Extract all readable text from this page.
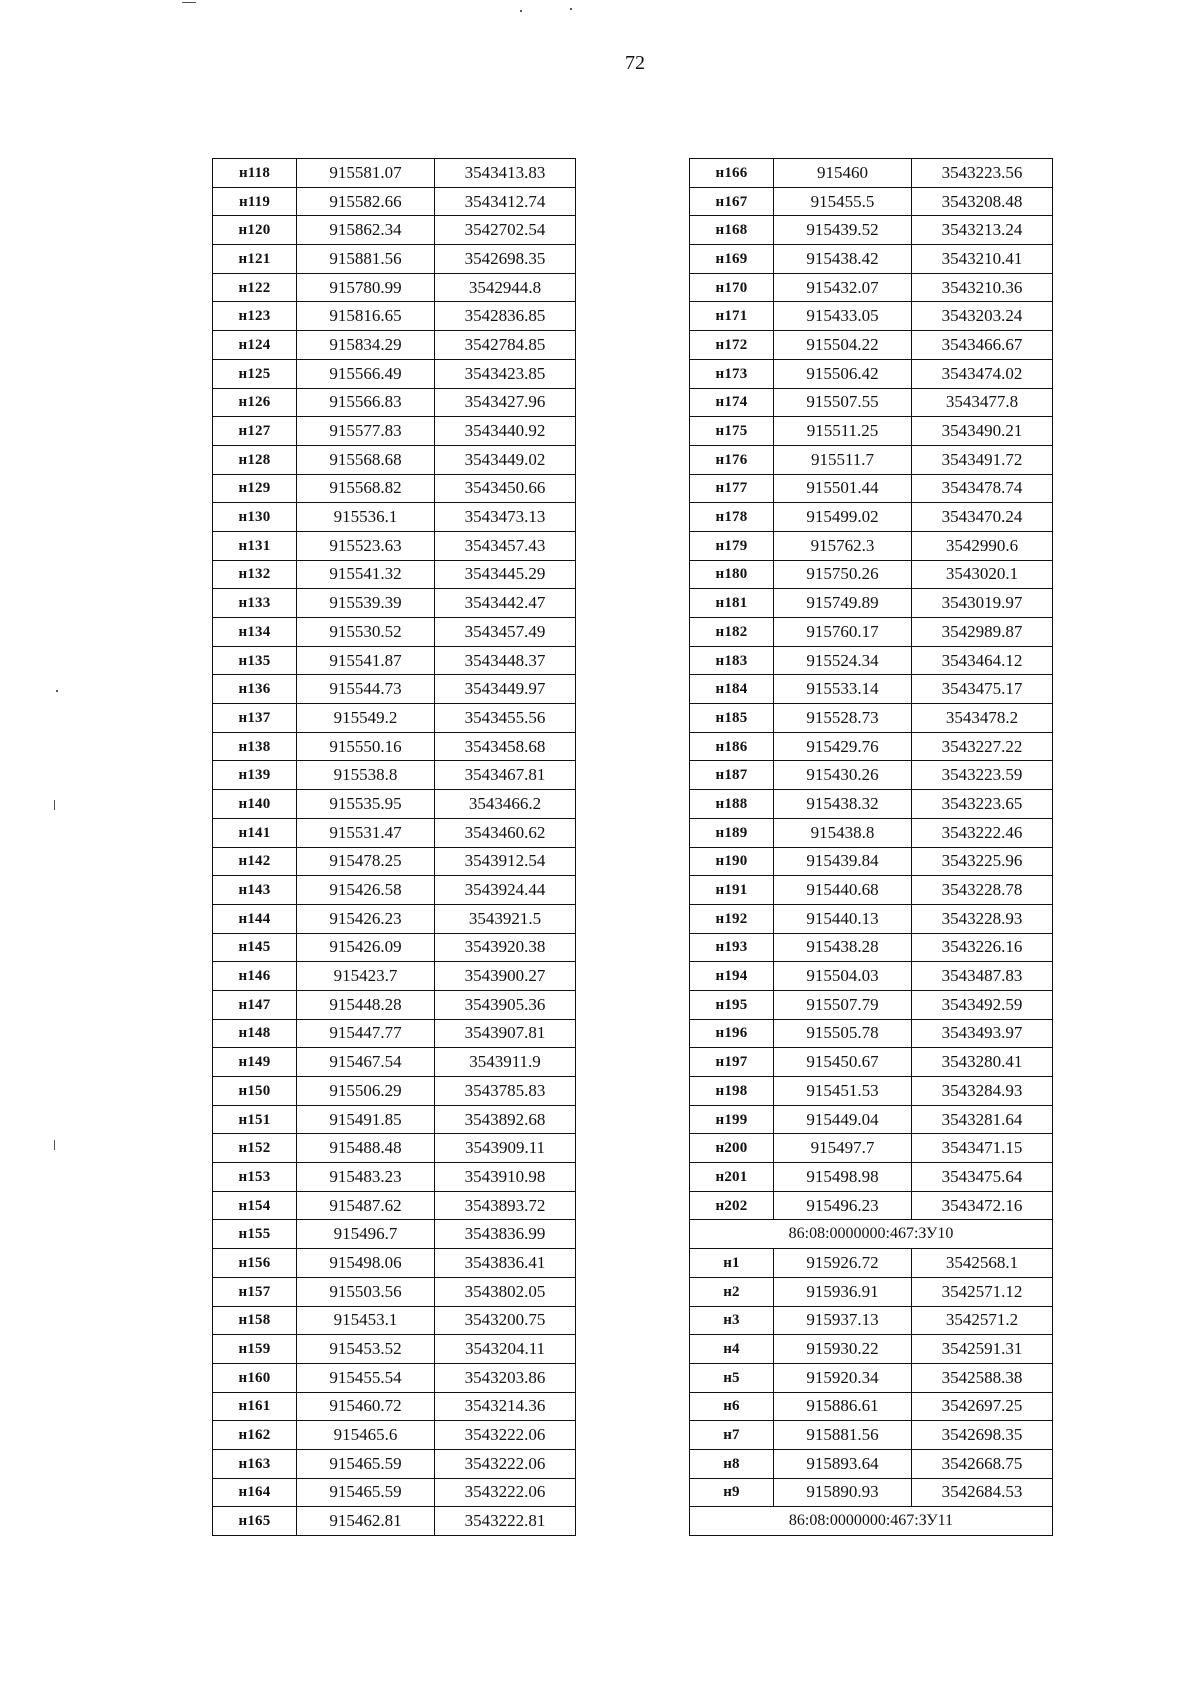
72
н118	915581.07	3543413.83
н119	915582.66	3543412.74
н120	915862.34	3542702.54
н121	915881.56	3542698.35
н122	915780.99	3542944.8
н123	915816.65	3542836.85
н124	915834.29	3542784.85
н125	915566.49	3543423.85
н126	915566.83	3543427.96
н127	915577.83	3543440.92
н128	915568.68	3543449.02
н129	915568.82	3543450.66
н130	915536.1	3543473.13
н131	915523.63	3543457.43
н132	915541.32	3543445.29
н133	915539.39	3543442.47
н134	915530.52	3543457.49
н135	915541.87	3543448.37
н136	915544.73	3543449.97
н137	915549.2	3543455.56
н138	915550.16	3543458.68
н139	915538.8	3543467.81
н140	915535.95	3543466.2
н141	915531.47	3543460.62
н142	915478.25	3543912.54
н143	915426.58	3543924.44
н144	915426.23	3543921.5
н145	915426.09	3543920.38
н146	915423.7	3543900.27
н147	915448.28	3543905.36
н148	915447.77	3543907.81
н149	915467.54	3543911.9
н150	915506.29	3543785.83
н151	915491.85	3543892.68
н152	915488.48	3543909.11
н153	915483.23	3543910.98
н154	915487.62	3543893.72
н155	915496.7	3543836.99
н156	915498.06	3543836.41
н157	915503.56	3543802.05
н158	915453.1	3543200.75
н159	915453.52	3543204.11
н160	915455.54	3543203.86
н161	915460.72	3543214.36
н162	915465.6	3543222.06
н163	915465.59	3543222.06
н164	915465.59	3543222.06
н165	915462.81	3543222.81
н166	915460	3543223.56
н167	915455.5	3543208.48
н168	915439.52	3543213.24
н169	915438.42	3543210.41
н170	915432.07	3543210.36
н171	915433.05	3543203.24
н172	915504.22	3543466.67
н173	915506.42	3543474.02
н174	915507.55	3543477.8
н175	915511.25	3543490.21
н176	915511.7	3543491.72
н177	915501.44	3543478.74
н178	915499.02	3543470.24
н179	915762.3	3542990.6
н180	915750.26	3543020.1
н181	915749.89	3543019.97
н182	915760.17	3542989.87
н183	915524.34	3543464.12
н184	915533.14	3543475.17
н185	915528.73	3543478.2
н186	915429.76	3543227.22
н187	915430.26	3543223.59
н188	915438.32	3543223.65
н189	915438.8	3543222.46
н190	915439.84	3543225.96
н191	915440.68	3543228.78
н192	915440.13	3543228.93
н193	915438.28	3543226.16
н194	915504.03	3543487.83
н195	915507.79	3543492.59
н196	915505.78	3543493.97
н197	915450.67	3543280.41
н198	915451.53	3543284.93
н199	915449.04	3543281.64
н200	915497.7	3543471.15
н201	915498.98	3543475.64
н202	915496.23	3543472.16
86:08:0000000:467:ЗУ10		
н1	915926.72	3542568.1
н2	915936.91	3542571.12
н3	915937.13	3542571.2
н4	915930.22	3542591.31
н5	915920.34	3542588.38
н6	915886.61	3542697.25
н7	915881.56	3542698.35
н8	915893.64	3542668.75
н9	915890.93	3542684.53
86:08:0000000:467:ЗУ11		
